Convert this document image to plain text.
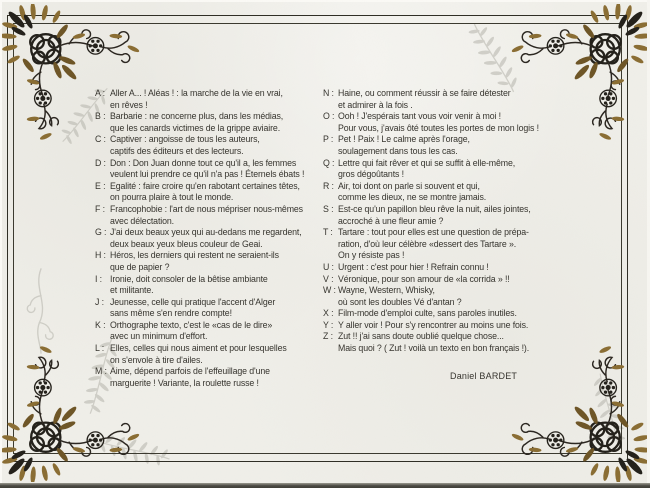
A : Aller A... ! Aléas ! : la marche de la vie en vrai,
en rêves !
B : Barbarie : ne concerne plus, dans les médias,
que les canards victimes de la grippe aviaire.
C : Captiver : angoisse de tous les auteurs,
captifs des éditeurs et des lecteurs.
D : Don : Don Juan donne tout ce qu'il a, les femmes
veulent lui prendre ce qu'il n'a pas ! Éternels ébats !
E : Egalité : faire croire qu'en rabotant certaines têtes,
on pourra plaire à tout le monde.
F : Francophobie : l'art de nous mépriser nous-mêmes
avec délectation.
G : J'ai deux beaux yeux qui au-dedans me regardent,
deux beaux yeux bleus couleur de Geai.
H : Héros, les derniers qui restent ne seraient-ils
que de papier ?
I : Ironie, doit consoler de la bêtise ambiante
et militante.
J : Jeunesse, celle qui pratique l'accent d'Alger
sans même s'en rendre compte!
K : Orthographe texto, c'est le «cas de le dire»
avec un minimum d'effort.
L : Elles, celles qui nous aiment et pour lesquelles
on s'envole à tire d'ailes.
M : Aime, dépend parfois de l'effeuillage d'une
marguerite ! Variante, la roulette russe !
N : Haine, ou comment réussir à se faire détester
et admirer à la fois .
O : Ooh ! J'espérais tant vous voir venir à moi !
Pour vous, j'avais ôté toutes les portes de mon logis !
P : Pet ! Paix ! Le calme après l'orage,
soulagement dans tous les cas.
Q : Lettre qui fait rêver et qui se suffit à elle-même,
gros dégoûtants !
R : Air, toi dont on parle si souvent et qui,
comme les dieux, ne se montre jamais.
S : Est-ce qu'un papillon bleu rêve la nuit, ailes jointes,
accroché à une fleur amie ?
T : Tartare : tout pour elles est une question de prépa-
ration, d'où leur célèbre «dessert des Tartare ».
On y résiste pas !
U : Urgent : c'est pour hier ! Refrain connu !
V : Véronique, pour son amour de «la corrida » !!
W : Wayne, Western, Whisky,
où sont les doubles Vé d'antan ?
X : Film-mode d'emploi culte, sans paroles inutiles.
Y : Y aller voir ! Pour s'y rencontrer au moins une fois.
Z : Zut !! j'ai sans doute oublié quelque chose...
Mais quoi ? ( Zut ! voilà un texto en bon français !).
Daniel BARDET
